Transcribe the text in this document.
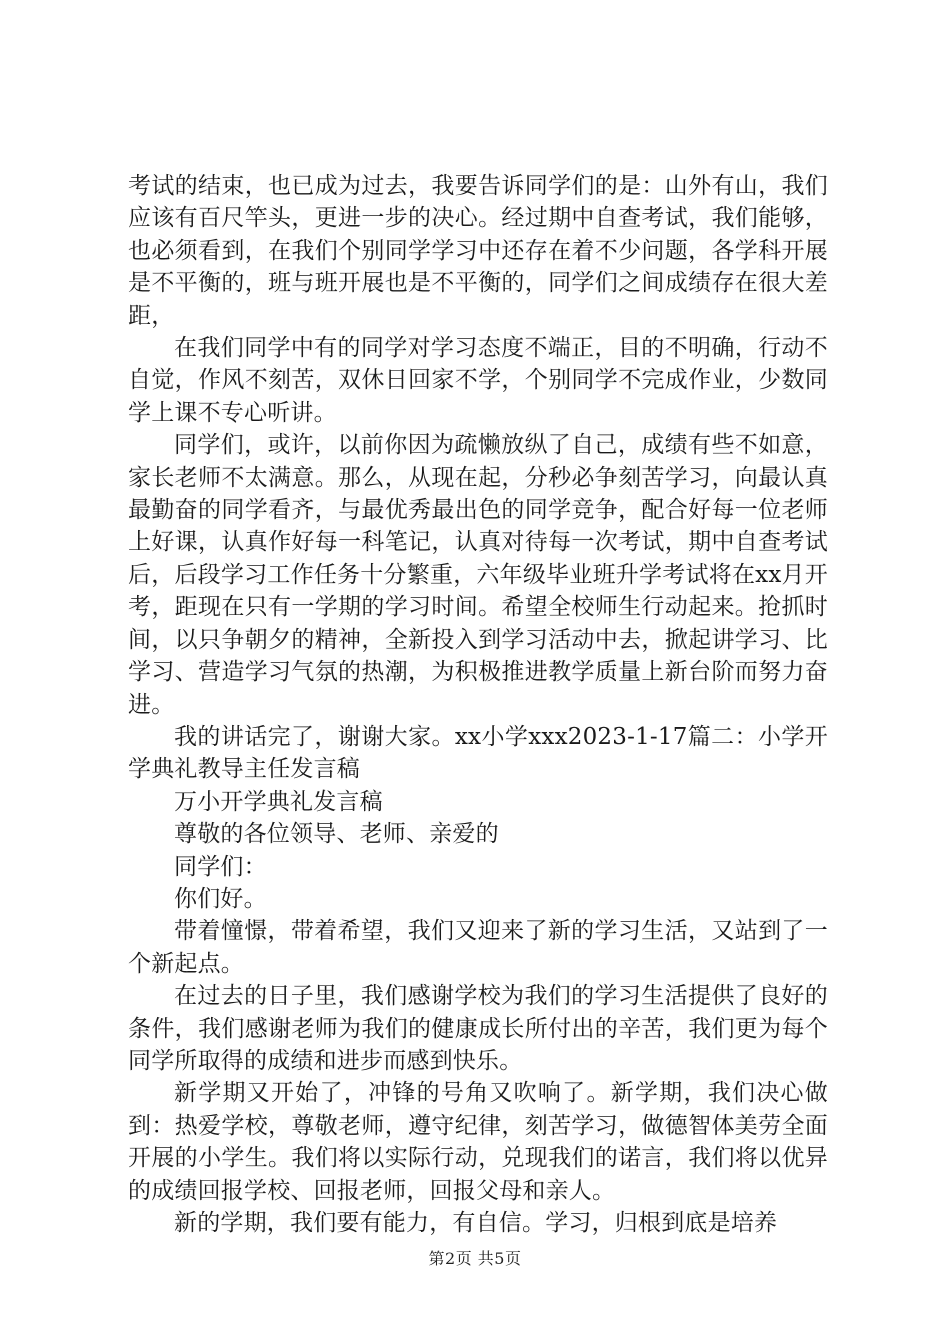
考试的结束，也已成为过去，我要告诉同学们的是：山外有山，我们应该有百尺竿头，更进一步的决心。经过期中自查考试，我们能够，也必须看到，在我们个别同学学习中还存在着不少问题，各学科开展是不平衡的，班与班开展也是不平衡的，同学们之间成绩存在很大差距，

在我们同学中有的同学对学习态度不端正，目的不明确，行动不自觉，作风不刻苦，双休日回家不学，个别同学不完成作业，少数同学上课不专心听讲。

同学们，或许，以前你因为疏懒放纵了自己，成绩有些不如意，家长老师不太满意。那么，从现在起，分秒必争刻苦学习，向最认真最勤奋的同学看齐，与最优秀最出色的同学竞争，配合好每一位老师上好课，认真作好每一科笔记，认真对待每一次考试，期中自查考试后，后段学习工作任务十分繁重，六年级毕业班升学考试将在xx月开考，距现在只有一学期的学习时间。希望全校师生行动起来。抢抓时间，以只争朝夕的精神，全新投入到学习活动中去，掀起讲学习、比学习、营造学习气氛的热潮，为积极推进教学质量上新台阶而努力奋进。

我的讲话完了，谢谢大家。xx小学xxx2023-1-17篇二：小学开学典礼教导主任发言稿

万小开学典礼发言稿

尊敬的各位领导、老师、亲爱的

同学们：

你们好。

带着憧憬，带着希望，我们又迎来了新的学习生活，又站到了一个新起点。

在过去的日子里，我们感谢学校为我们的学习生活提供了良好的条件，我们感谢老师为我们的健康成长所付出的辛苦，我们更为每个同学所取得的成绩和进步而感到快乐。

新学期又开始了，冲锋的号角又吹响了。新学期，我们决心做到：热爱学校，尊敬老师，遵守纪律，刻苦学习，做德智体美劳全面开展的小学生。我们将以实际行动，兑现我们的诺言，我们将以优异的成绩回报学校、回报老师，回报父母和亲人。

新的学期，我们要有能力，有自信。学习，归根到底是培养

第2页 共5页
